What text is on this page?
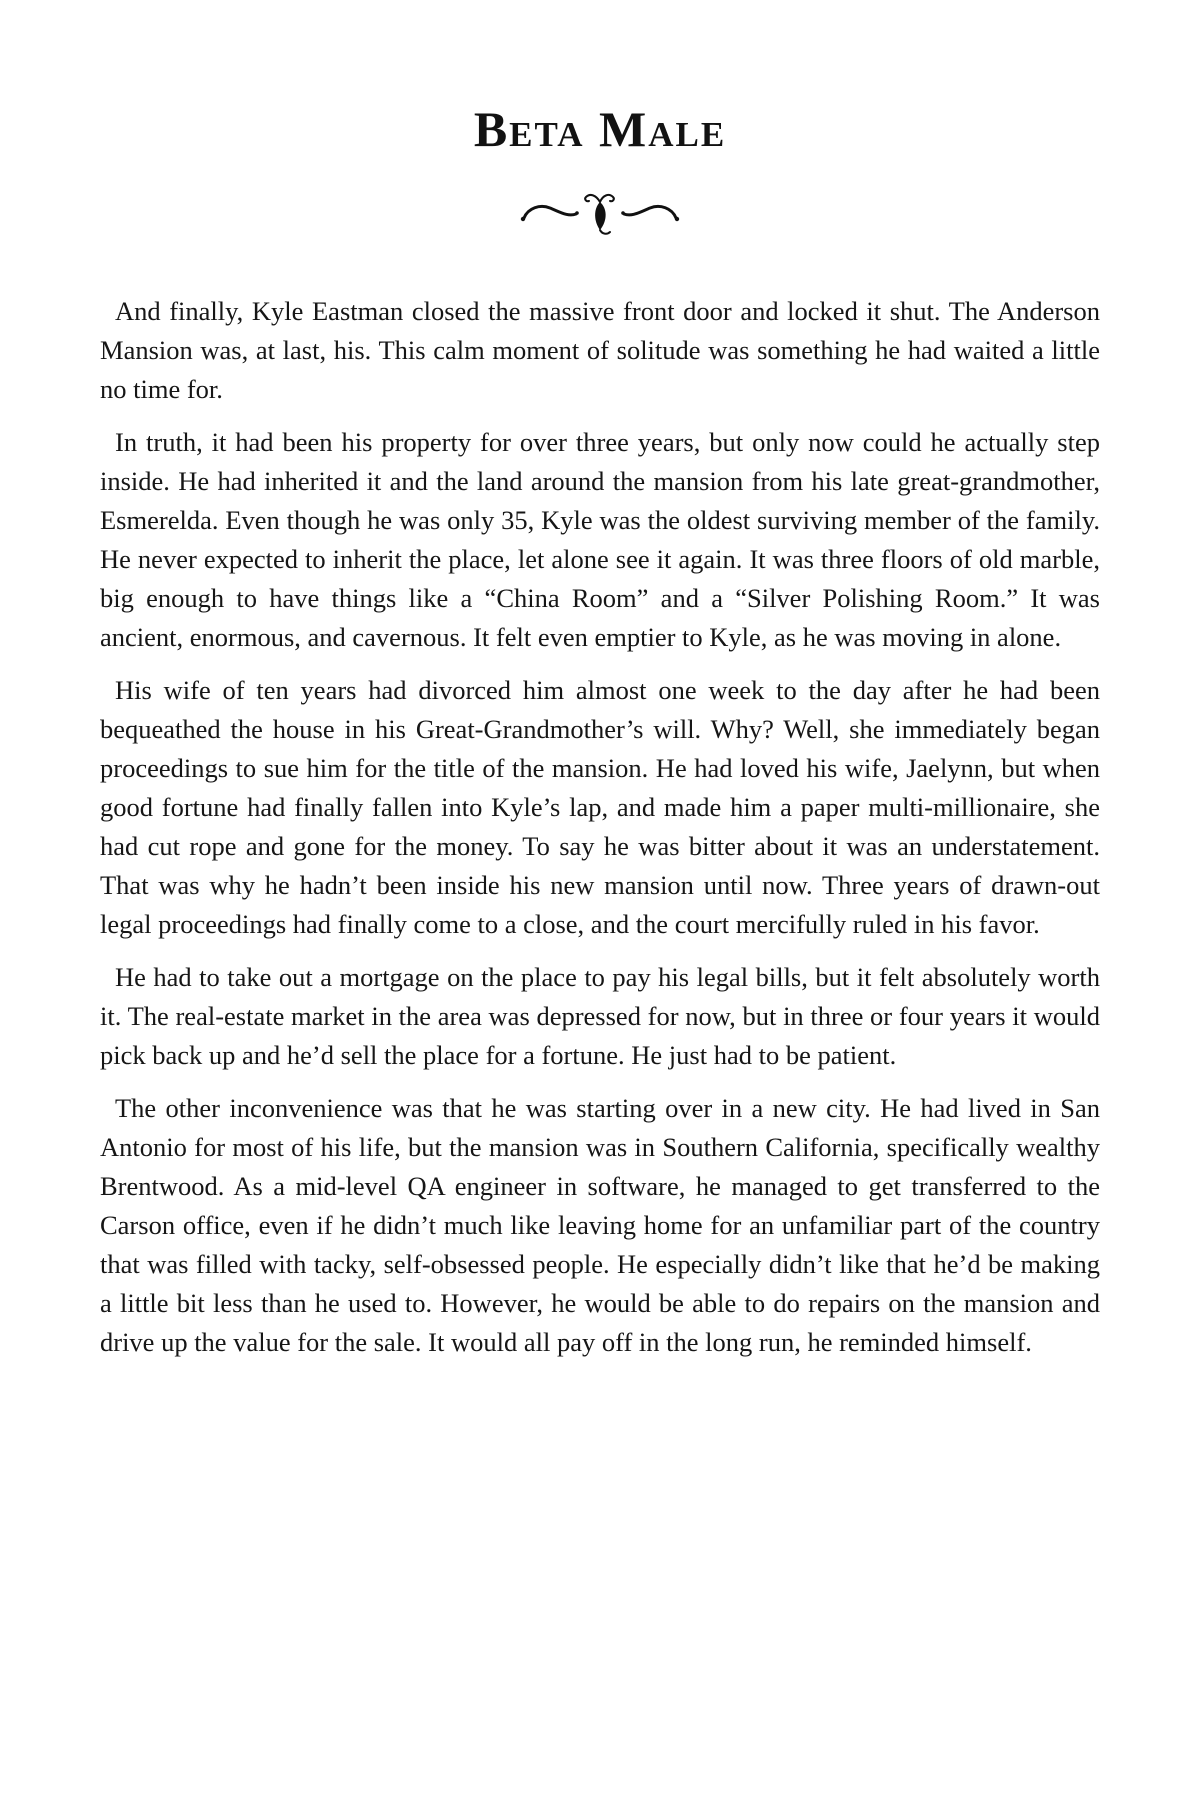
Beta Male

And finally, Kyle Eastman closed the massive front door and locked it shut. The Anderson Mansion was, at last, his. This calm moment of solitude was something he had waited a little no time for.

In truth, it had been his property for over three years, but only now could he actually step inside. He had inherited it and the land around the mansion from his late great-grandmother, Esmerelda. Even though he was only 35, Kyle was the oldest surviving member of the family. He never expected to inherit the place, let alone see it again. It was three floors of old marble, big enough to have things like a “China Room” and a “Silver Polishing Room.” It was ancient, enormous, and cavernous. It felt even emptier to Kyle, as he was moving in alone.

His wife of ten years had divorced him almost one week to the day after he had been bequeathed the house in his Great-Grandmother’s will. Why? Well, she immediately began proceedings to sue him for the title of the mansion. He had loved his wife, Jaelynn, but when good fortune had finally fallen into Kyle’s lap, and made him a paper multi-millionaire, she had cut rope and gone for the money. To say he was bitter about it was an understatement. That was why he hadn’t been inside his new mansion until now. Three years of drawn-out legal proceedings had finally come to a close, and the court mercifully ruled in his favor.

He had to take out a mortgage on the place to pay his legal bills, but it felt absolutely worth it. The real-estate market in the area was depressed for now, but in three or four years it would pick back up and he’d sell the place for a fortune. He just had to be patient.

The other inconvenience was that he was starting over in a new city. He had lived in San Antonio for most of his life, but the mansion was in Southern California, specifically wealthy Brentwood. As a mid-level QA engineer in software, he managed to get transferred to the Carson office, even if he didn’t much like leaving home for an unfamiliar part of the country that was filled with tacky, self-obsessed people. He especially didn’t like that he’d be making a little bit less than he used to. However, he would be able to do repairs on the mansion and drive up the value for the sale. It would all pay off in the long run, he reminded himself.
